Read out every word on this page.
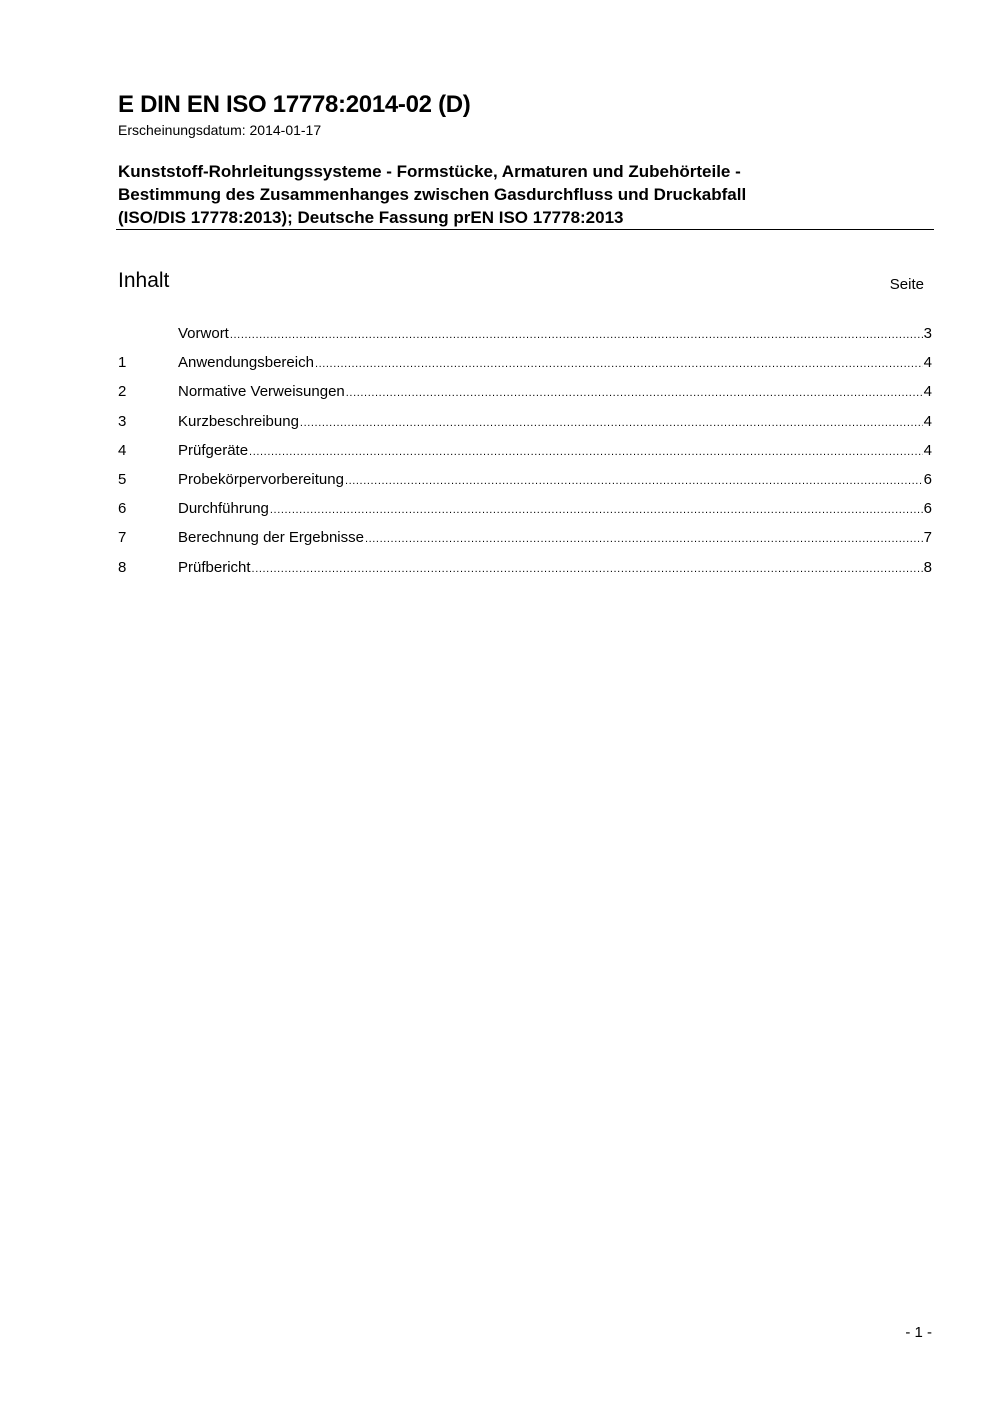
E DIN EN ISO 17778:2014-02 (D)
Erscheinungsdatum: 2014-01-17
Kunststoff-Rohrleitungssysteme - Formstücke, Armaturen und Zubehörteile -
Bestimmung des Zusammenhanges zwischen Gasdurchfluss und Druckabfall
(ISO/DIS 17778:2013); Deutsche Fassung prEN ISO 17778:2013
Inhalt	Seite
Vorwort .....	3
1	Anwendungsbereich .....	4
2	Normative Verweisungen .....	4
3	Kurzbeschreibung .....	4
4	Prüfgeräte .....	4
5	Probekörpervorbereitung .....	6
6	Durchführung .....	6
7	Berechnung der Ergebnisse .....	7
8	Prüfbericht .....	8
- 1 -
